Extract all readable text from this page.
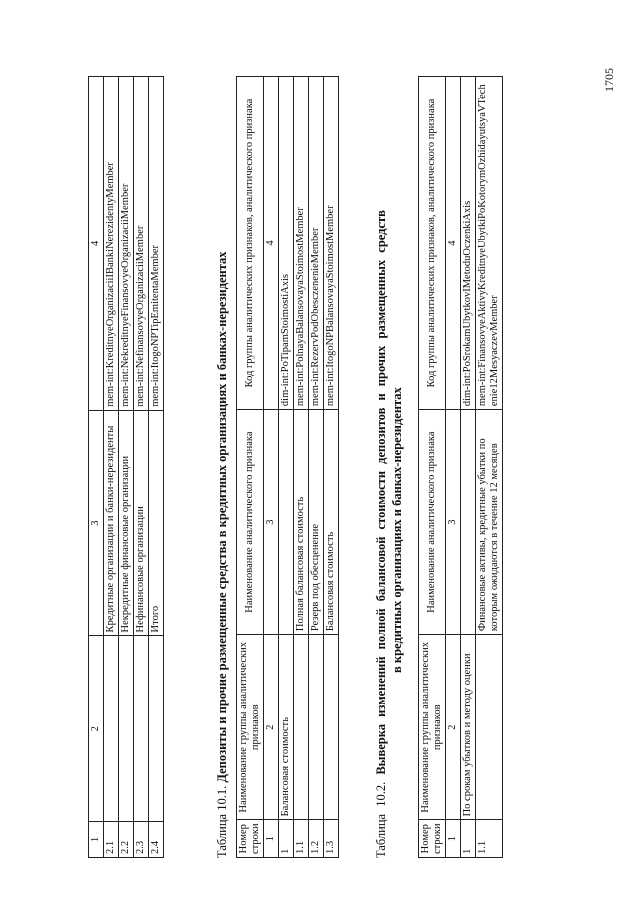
1705
1	2	3	4
2.1		Кредитные организации и банки-нерезиденты	mem-int:KreditnyeOrganizaciiIBankiNerezidentyMember
2.2		Некредитные финансовые организации	mem-int:NekreditnyeFinansovyeOrganizaciiMember
2.3		Нефинансовые организации	mem-int:NefinansovyeOrganizaciiMember
2.4		Итого	mem-int:ItogoNPTipEmitentaMember
Таблица 10.1. Депозиты и прочие размещенные средства в кредитных организациях и банках-нерезидентах
Номер строки	Наименование группы аналитических признаков	Наименование аналитического признака	Код группы аналитических признаков, аналитического признака
1	2	3	4
1	Балансовая стоимость		dim-int:PoTipamStoimostiAxis
1.1		Полная балансовая стоимость	mem-int:PolnayaBalansovayaStoimostMember
1.2		Резерв под обесценение	mem-int:RezervPodObesczenenieMember
1.3		Балансовая стоимость	mem-int:ItogoNPBalansovayaStoimostMember
Таблица 10.2. Выверка изменений полной балансовой стоимости депозитов и прочих размещенных средств в кредитных организациях и банках-нерезидентах
Номер строки	Наименование группы аналитических признаков	Наименование аналитического признака	Код группы аналитических признаков, аналитического признака
1	2	3	4
1	По срокам убытков и методу оценки		dim-int:PoSrokamUbytkovIMetoduOczenkiAxis
1.1		Финансовые активы, кредитные убытки по которым ожидаются в течение 12 месяцев	mem-int:FinansovyeAktivyKreditnyeUbytkiPoKotorymOzhidayutsyaVTechenie12MesyaczevMember
